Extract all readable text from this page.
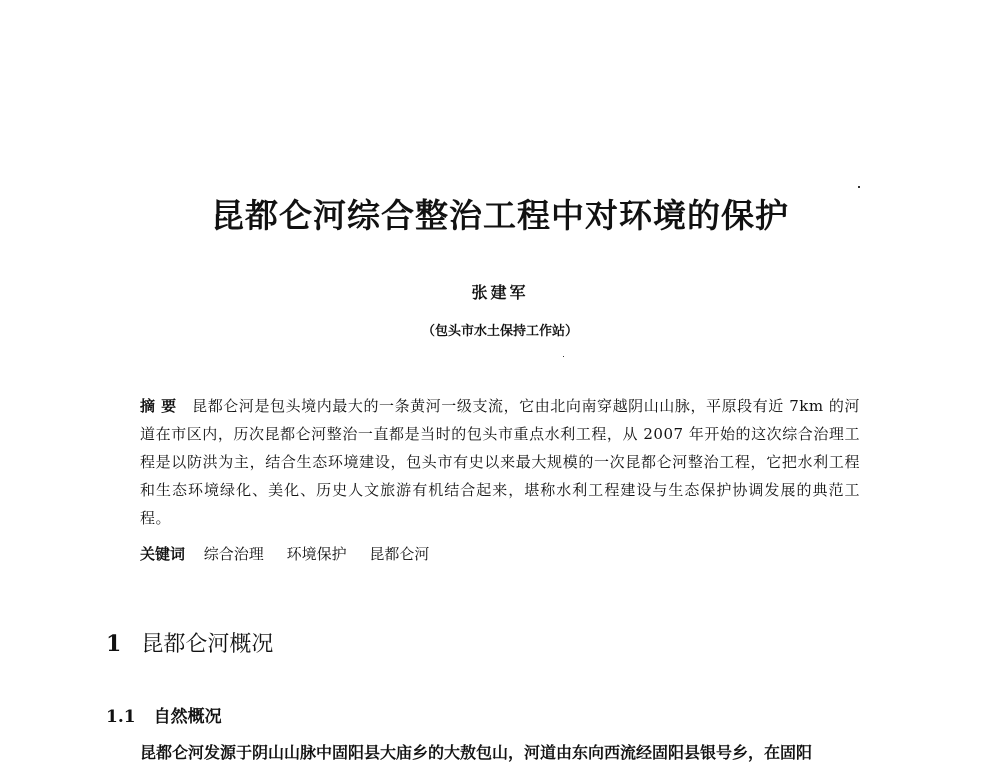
昆都仑河综合整治工程中对环境的保护
张建军
（包头市水土保持工作站）
摘要 昆都仑河是包头境内最大的一条黄河一级支流，它由北向南穿越阴山山脉，平原段有近 7km 的河道在市区内，历次昆都仑河整治一直都是当时的包头市重点水利工程，从 2007 年开始的这次综合治理工程是以防洪为主，结合生态环境建设，包头市有史以来最大规模的一次昆都仑河整治工程，它把水利工程和生态环境绿化、美化、历史人文旅游有机结合起来，堪称水利工程建设与生态保护协调发展的典范工程。
关键词 综合治理 环境保护 昆都仑河
1 昆都仑河概况
1.1 自然概况
昆都仑河发源于阴山山脉中固阳县大庙乡的大敖包山，河道由东向西流经固阳县银号乡，在固阳
